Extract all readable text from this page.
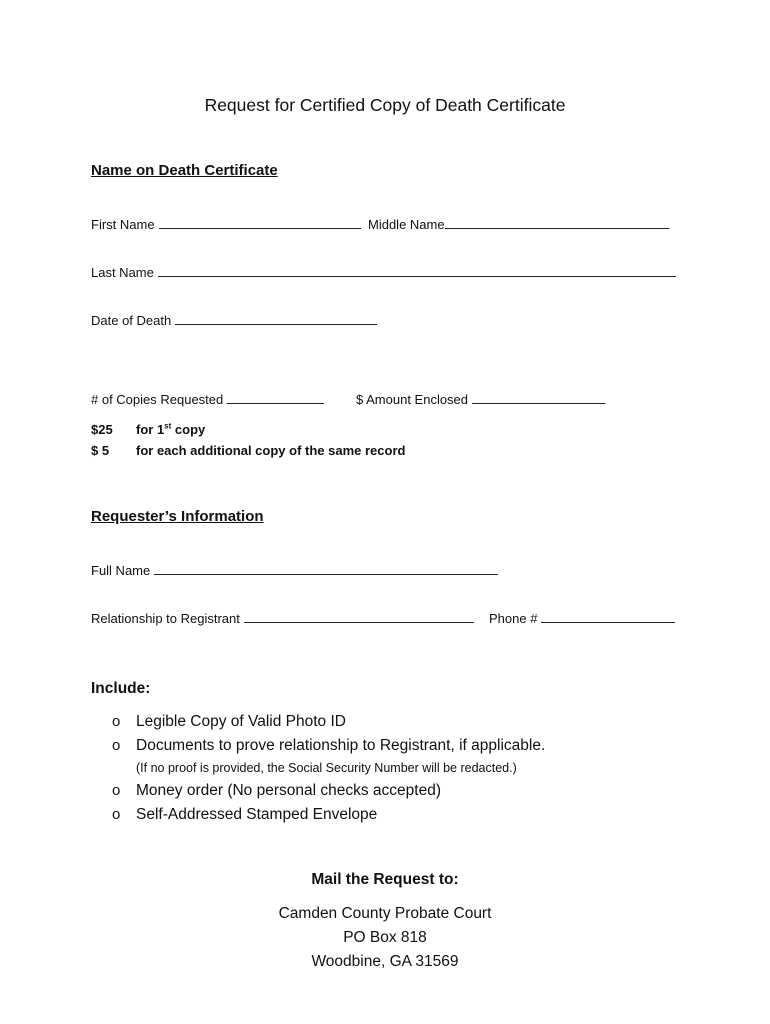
Request for Certified Copy of Death Certificate
Name on Death Certificate
First Name	Middle Name
Last Name
Date of Death
# of Copies Requested	$ Amount Enclosed
$25 for 1st copy
$ 5 for each additional copy of the same record
Requester’s Information
Full Name
Relationship to Registrant	Phone #
Include:
o Legible Copy of Valid Photo ID
o Documents to prove relationship to Registrant, if applicable.
(If no proof is provided, the Social Security Number will be redacted.)
o Money order (No personal checks accepted)
o Self-Addressed Stamped Envelope
Mail the Request to:
Camden County Probate Court
PO Box 818
Woodbine, GA 31569
